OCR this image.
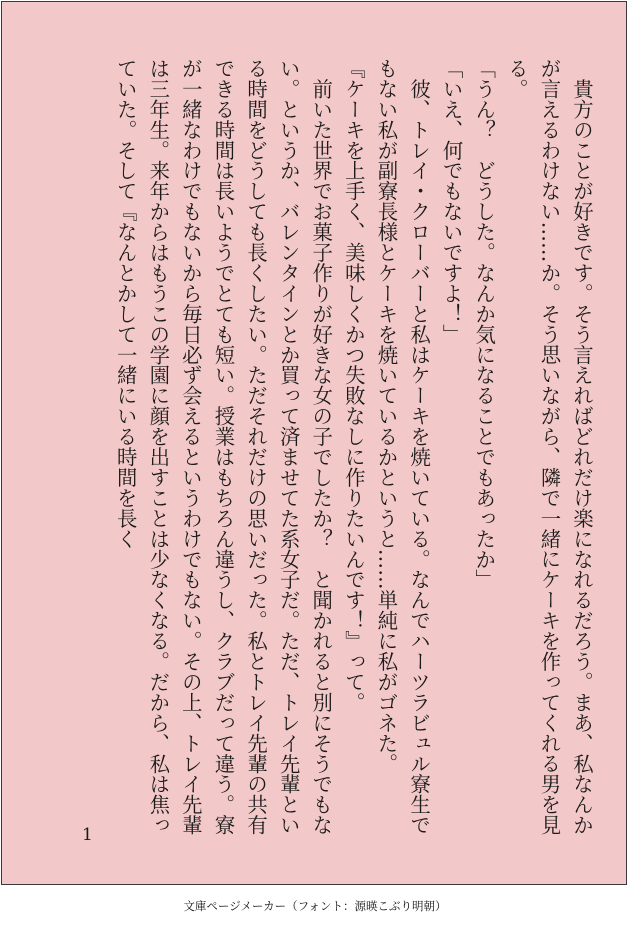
　貴方のことが好きです。そう言えればどれだけ楽になれるだろう。まあ、私なんかが言えるわけない……か。そう思いながら、隣で一緒にケーキを作ってくれる男を見る。

「うん？　どうした。なんか気になることでもあったか」

「いえ、何でもないですよ！」

　彼、トレイ・クローバーと私はケーキを焼いている。なんでハーツラビュル寮生でもない私が副寮長様とケーキを焼いているかというと……単純に私がゴネた。

『ケーキを上手く、美味しくかつ失敗なしに作りたいんです！』って。

　前いた世界でお菓子作りが好きな女の子でしたか？　と聞かれると別にそうでもない。というか、バレンタインとか買って済ませてた系女子だ。ただ、トレイ先輩といる時間をどうしても長くしたい。ただそれだけの思いだった。私とトレイ先輩の共有できる時間は長いようでとても短い。授業はもちろん違うし、クラブだって違う。寮が一緒なわけでもないから毎日必ず会えるというわけでもない。その上、トレイ先輩は三年生。来年からはもうこの学園に顔を出すことは少なくなる。だから、私は焦っていた。そして『なんとかして一緒にいる時間を長く

1
文庫ページメーカー（フォント：源暎こぶり明朝）
